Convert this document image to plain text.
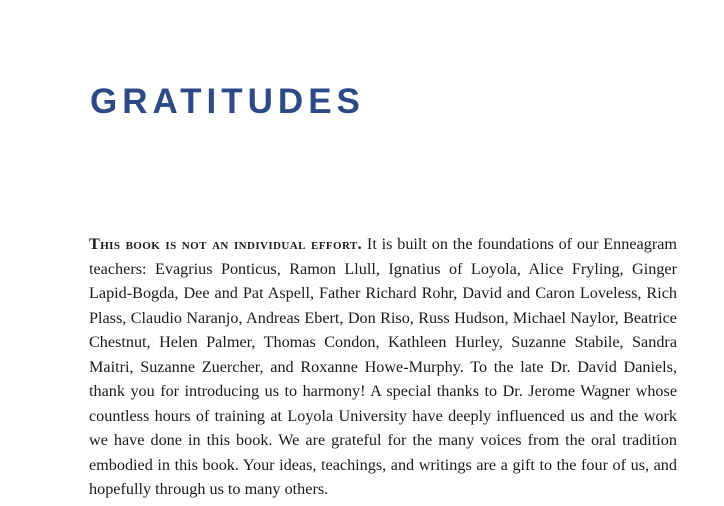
GRATITUDES

This book is not an individual effort. It is built on the foundations of our Enneagram teachers: Evagrius Ponticus, Ramon Llull, Ignatius of Loyola, Alice Fryling, Ginger Lapid-Bogda, Dee and Pat Aspell, Father Richard Rohr, David and Caron Loveless, Rich Plass, Claudio Naranjo, Andreas Ebert, Don Riso, Russ Hudson, Michael Naylor, Beatrice Chestnut, Helen Palmer, Thomas Condon, Kathleen Hurley, Suzanne Stabile, Sandra Maitri, Suzanne Zuercher, and Roxanne Howe-Murphy. To the late Dr. David Daniels, thank you for introducing us to harmony! A special thanks to Dr. Jerome Wagner whose countless hours of training at Loyola University have deeply influenced us and the work we have done in this book. We are grateful for the many voices from the oral tradition embodied in this book. Your ideas, teachings, and writings are a gift to the four of us, and hopefully through us to many others.
